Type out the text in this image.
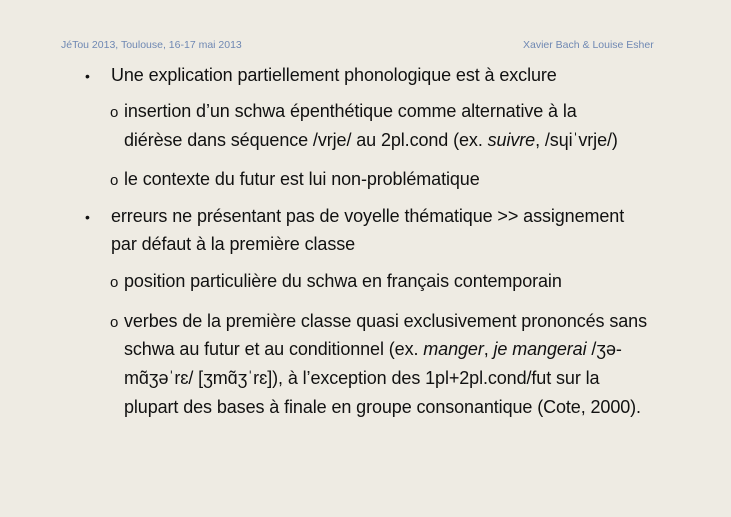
JéTou 2013, Toulouse, 16-17 mai 2013	Xavier Bach & Louise Esher
• Une explication partiellement phonologique est à exclure
o insertion d’un schwa épenthétique comme alternative à la
diérèse dans séquence /vrje/ au 2pl.cond (ex. suivre, /sɥiˈvrje/)
o le contexte du futur est lui non-problématique
• erreurs ne présentant pas de voyelle thématique >> assignement
par défaut à la première classe
o position particulière du schwa en français contemporain
o verbes de la première classe quasi exclusivement prononcés sans
schwa au futur et au conditionnel (ex. manger, je mangerai /ʒə-
mɑ̃ʒəˈrɛ/ [ʒmɑ̃ʒˈrɛ]), à l’exception des 1pl+2pl.cond/fut sur la
plupart des bases à finale en groupe consonantique (Cote, 2000).
